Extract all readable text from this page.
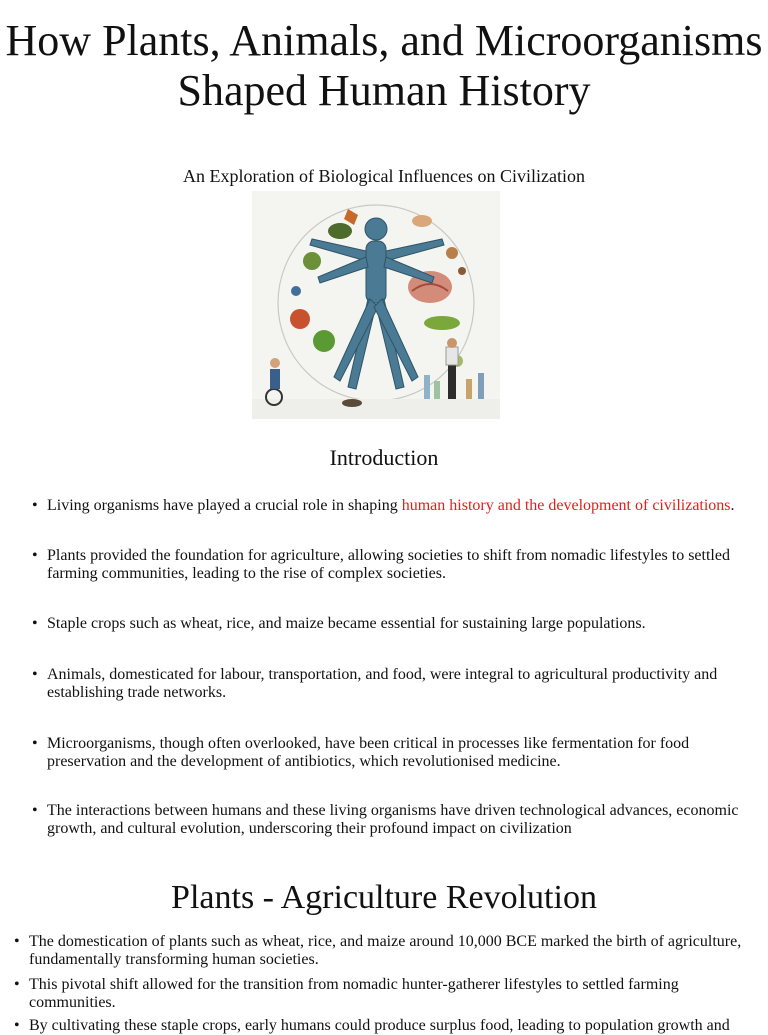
How Plants, Animals, and Microorganisms Shaped Human History
An Exploration of Biological Influences on Civilization
Introduction
• Living organisms have played a crucial role in shaping human history and the development of civilizations.
• Plants provided the foundation for agriculture, allowing societies to shift from nomadic lifestyles to settled farming communities, leading to the rise of complex societies.
• Staple crops such as wheat, rice, and maize became essential for sustaining large populations.
• Animals, domesticated for labour, transportation, and food, were integral to agricultural productivity and establishing trade networks.
• Microorganisms, though often overlooked, have been critical in processes like fermentation for food preservation and the development of antibiotics, which revolutionised medicine.
• The interactions between humans and these living organisms have driven technological advances, economic growth, and cultural evolution, underscoring their profound impact on civilization
Plants - Agriculture Revolution
• The domestication of plants such as wheat, rice, and maize around 10,000 BCE marked the birth of agriculture, fundamentally transforming human societies.
• This pivotal shift allowed for the transition from nomadic hunter-gatherer lifestyles to settled farming communities.
• By cultivating these staple crops, early humans could produce surplus food, leading to population growth and
